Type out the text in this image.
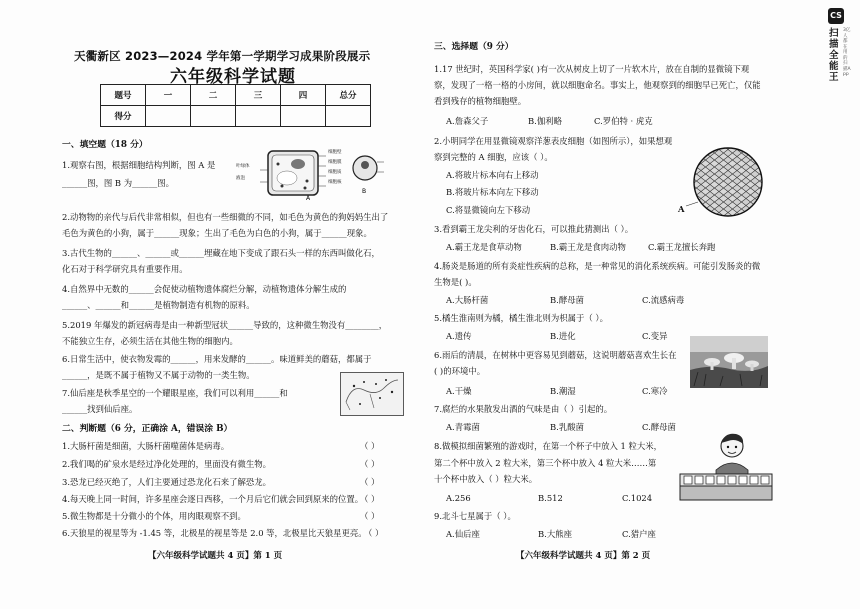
天衢新区 2023—2024 学年第一学期学习成果阶段展示
六年级科学试题
题号	一	二	三	四	总分
得分					
一、填空题（18 分）
1.观察右图，根据细胞结构判断，图 A 是
______图，图 B 为______图。
A
B
细胞壁
细胞膜
细胞质
细胞核
叶绿体
液泡
2.动物物的亲代与后代非常相似，但也有一些细微的不同，如毛色为黄色的狗妈妈生出了
毛色为黄色的小狗，属于______现象；生出了毛色为白色的小狗，属于______现象。
3.古代生物的______、______或______埋藏在地下变成了跟石头一样的东西叫做化石，
化石对于科学研究具有重要作用。
4.自然界中无数的______会促使动植物遗体腐烂分解，动植物遗体分解生成的
______、______和______是植物制造有机物的原料。
5.2019 年爆发的新冠病毒是由一种新型冠状______导致的，这种微生物没有________，
不能独立生存，必须生活在其他生物的细胞内。
6.日常生活中，使衣物发霉的______，用来发酵的______。味道鲜美的蘑菇，都属于
______，是既不属于植物又不属于动物的一类生物。
7.仙后座是秋季星空的一个耀眼星座，我们可以利用______和
______找到仙后座。
二、判断题（6 分，正确涂 A，错误涂 B）
1.大肠杆菌是细菌，大肠杆菌噬菌体是病毒。
2.我们喝的矿泉水是经过净化处理的，里面没有微生物。
3.恐龙已经灭绝了，人们主要通过恐龙化石来了解恐龙。
4.每天晚上同一时间，许多星座会逐日西移，一个月后它们就会回到原来的位置。
5.微生物都是十分微小的个体，用肉眼观察不到。
6.天狼星的视星等为 -1.45 等，北极星的视星等是 2.0 等，北极星比天狼星更亮。
（ ）
（ ）
（ ）
（ ）
（ ）
（ ）
【六年级科学试题共 4 页】第 1 页
三、选择题（9 分）
1.17 世纪时，英国科学家( )有一次从树皮上切了一片软木片，放在自制的显微镜下观
察，发现了一格一格的小房间，就以细胞命名。事实上，他观察到的细胞早已死亡，仅能
看到残存的植物细胞壁。
A.詹森父子	B.伽利略	C.罗伯特 · 虎克
2.小明同学在用显微镜观察洋葱表皮细胞（如图所示），如果想观
察到完整的 A 细胞，应该（ ）。
A.将玻片标本向右上移动
B.将玻片标本向左下移动
C.将显微镜向左下移动	A
3.看到霸王龙尖利的牙齿化石，可以推此猜测出（ ）。
A.霸王龙是食草动物	B.霸王龙是食肉动物	C.霸王龙擅长奔跑
4.肠炎是肠道的所有炎症性疾病的总称，是一种常见的消化系统疾病。可能引发肠炎的微
生物是( )。
A.大肠杆菌	B.酵母菌	C.流感病毒
5.橘生淮南则为橘，橘生淮北则为枳属于（ ）。
A.遗传	B.进化	C.变异
6.雨后的清晨，在树林中更容易见到蘑菇，这说明蘑菇喜欢生长在
( )的环境中。
A.干燥	B.潮湿	C.寒冷
7.腐烂的水果散发出酒的气味是由（ ）引起的。
A.青霉菌	B.乳酸菌	C.酵母菌
8.做模拟细菌繁殖的游戏时，在第一个杯子中放入 1 粒大米，
第二个杯中放入 2 粒大米，第三个杯中放入 4 粒大米……第
十个杯中放入（ ）粒大米。
A.256	B.512	C.1024
9.北斗七星属于（ ）。
A.仙后座	B.大熊座	C.猎户座
【六年级科学试题共 4 页】第 2 页
CS
扫描全能王
3亿人都在用的扫描App
